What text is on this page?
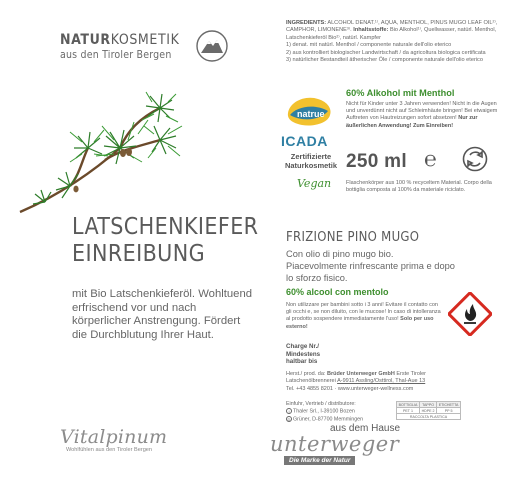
NATURKOSMETIK
aus den Tiroler Bergen
LATSCHENKIEFER
EINREIBUNG
mit Bio Latschenkieferöl. Wohltuend erfrischend vor und nach körperlicher Anstrengung. Fördert die Durchblutung Ihrer Haut.
Vitalpinum
Wohlfühlen aus den Tiroler Bergen
INGREDIENTS: ALCOHOL DENAT.¹⁾, AQUA, MENTHOL, PINUS MUGO LEAF OIL²⁾, CAMPHOR, LIMONENE³⁾. Inhaltsstoffe: Bio Alkohol¹⁾, Quellwasser, natürl. Menthol, Latschenkieferöl Bio²⁾, natürl. Kampfer
1) denat. mit natürl. Menthol / componente naturale dell'olio eterico
2) aus kontrolliert biologischer Landwirtschaft / da agricoltura biologica certificata
3) natürlicher Bestandteil ätherischer Öle / componente naturale dell'olio eterico
natrue
ICADA
Zertifizierte
Naturkosmetik
Vegan
60% Alkohol mit Menthol
Nicht für Kinder unter 3 Jahren verwenden! Nicht in die Augen und unverdünnt nicht auf Schleimhäute bringen! Bei etwaigem Auftreten von Hautreizungen sofort absetzen! Nur zur äußerlichen Anwendung! Zum Einreiben!
250 ml ℮
Flaschenkörper aus 100 % recyceltem Material. Corpo della bottiglia composta al 100% da materiale riciclato.
FRIZIONE PINO MUGO
Con olio di pino mugo bio. Piacevolmente rinfrescante prima e dopo lo sforzo fisico.
60% alcool con mentolo
Non utilizzare per bambini sotto i 3 anni! Evitare il contatto con gli occhi e, se non diluito, con le mucose! In caso di intolleranza al prodotto sospendere immediatamente l'uso! Solo per uso esterno!
Charge Nr./
Mindestens
haltbar bis
Herst./ prod. da: Brüder Unterweger GmbH Erste Tiroler Latschenölbrennerei A-9911 Assling/Osttirol, Thal-Aue 13
Tel. +43 4855 8201 · www.unterweger-wellness.com
Einfuhr, Vertrieb / distributore:
I Thaler Srl., I-39100 Bozen
D Grüner, D-87700 Memmingen
BOTTIGLIA	TAPPO	ETICHETTA
PET 1	HDPE 2	PP 5
RACCOLTA PLASTICA		
aus dem Hause
unterweger
Die Marke der Natur
